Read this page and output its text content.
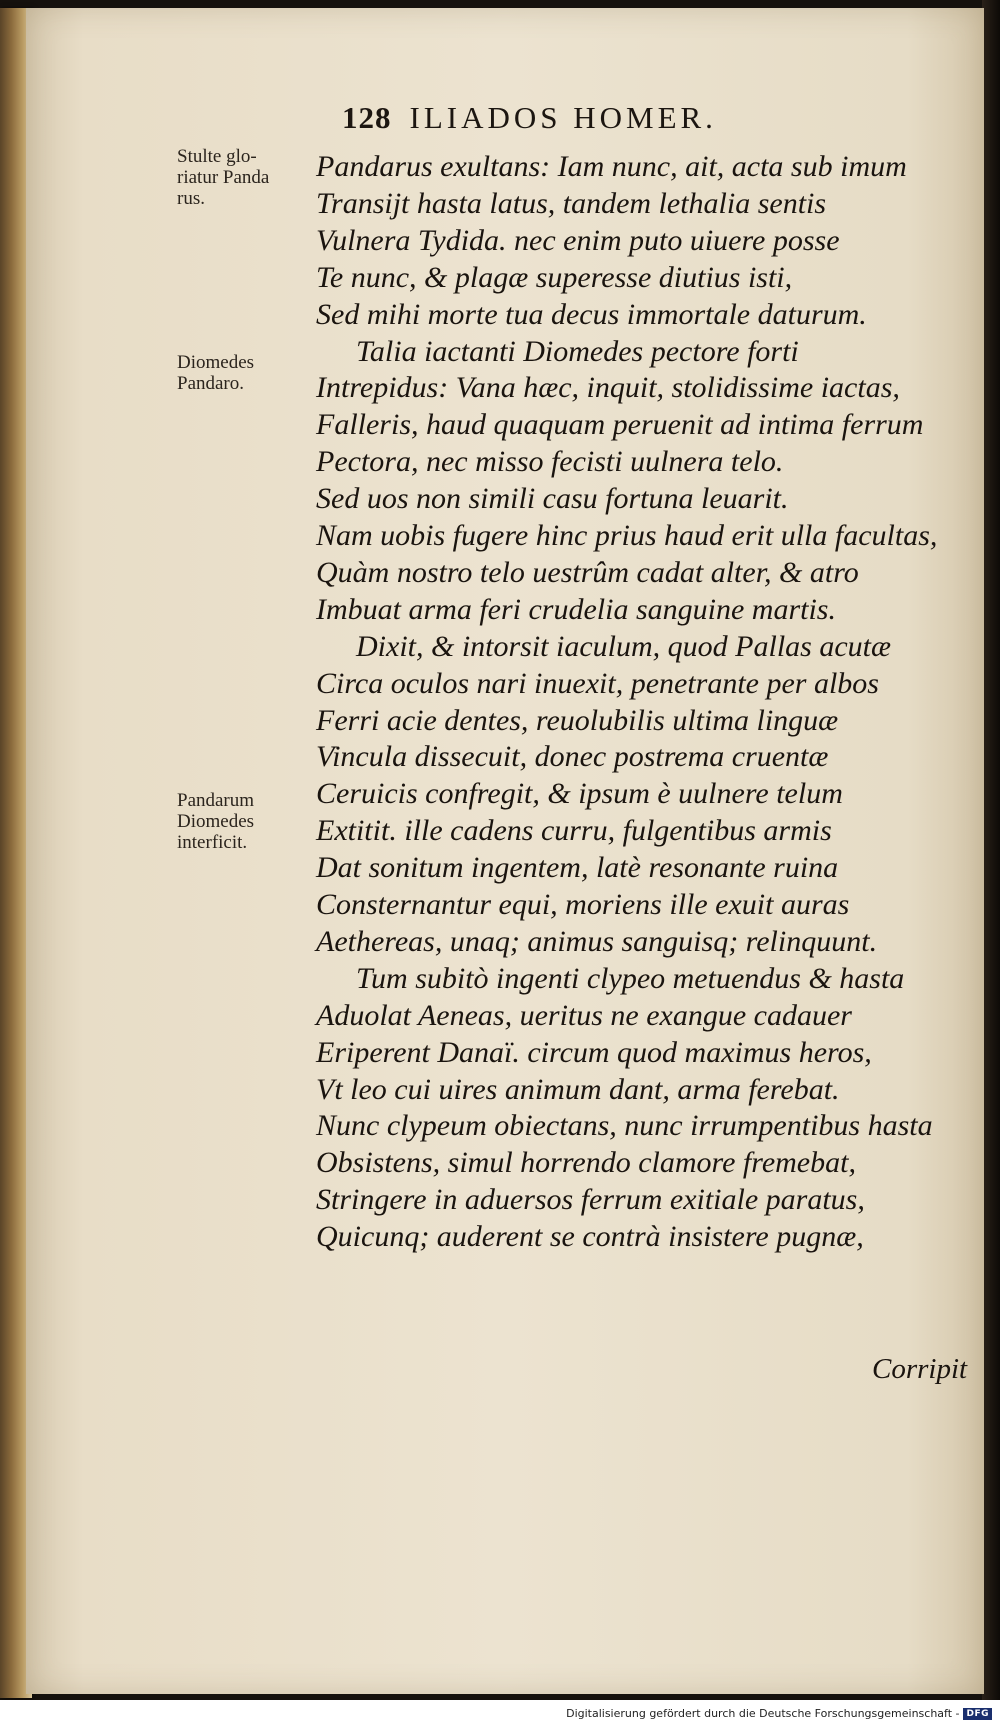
128 ILIADOS HOMER.
Stulte glo-
riatur Panda
rus.
Diomedes
Pandaro.
Pandarum
Diomedes
interficit.
Pandarus exultans: Iam nunc, ait, acta sub imum
Transijt hasta latus, tandem lethalia sentis
Vulnera Tydida. nec enim puto uiuere posse
Te nunc, & plagæ superesse diutius isti,
Sed mihi morte tua decus immortale daturum.
Talia iactanti Diomedes pectore forti
Intrepidus: Vana hæc, inquit, stolidissime iactas,
Falleris, haud quaquam peruenit ad intima ferrum
Pectora, nec misso fecisti uulnera telo.
Sed uos non simili casu fortuna leuarit.
Nam uobis fugere hinc prius haud erit ulla facultas,
Quàm nostro telo uestrûm cadat alter, & atro
Imbuat arma feri crudelia sanguine martis.
Dixit, & intorsit iaculum, quod Pallas acutæ
Circa oculos nari inuexit, penetrante per albos
Ferri acie dentes, reuolubilis ultima linguæ
Vincula dissecuit, donec postrema cruentæ
Ceruicis confregit, & ipsum è uulnere telum
Extitit. ille cadens curru, fulgentibus armis
Dat sonitum ingentem, latè resonante ruina
Consternantur equi, moriens ille exuit auras
Aethereas, unaq; animus sanguisq; relinquunt.
Tum subitò ingenti clypeo metuendus & hasta
Aduolat Aeneas, ueritus ne exangue cadauer
Eriperent Danaï. circum quod maximus heros,
Vt leo cui uires animum dant, arma ferebat.
Nunc clypeum obiectans, nunc irrumpentibus hasta
Obsistens, simul horrendo clamore fremebat,
Stringere in aduersos ferrum exitiale paratus,
Quicunq; auderent se contrà insistere pugnæ,
Corripit
Digitalisierung gefördert durch die Deutsche Forschungsgemeinschaft - DFG
